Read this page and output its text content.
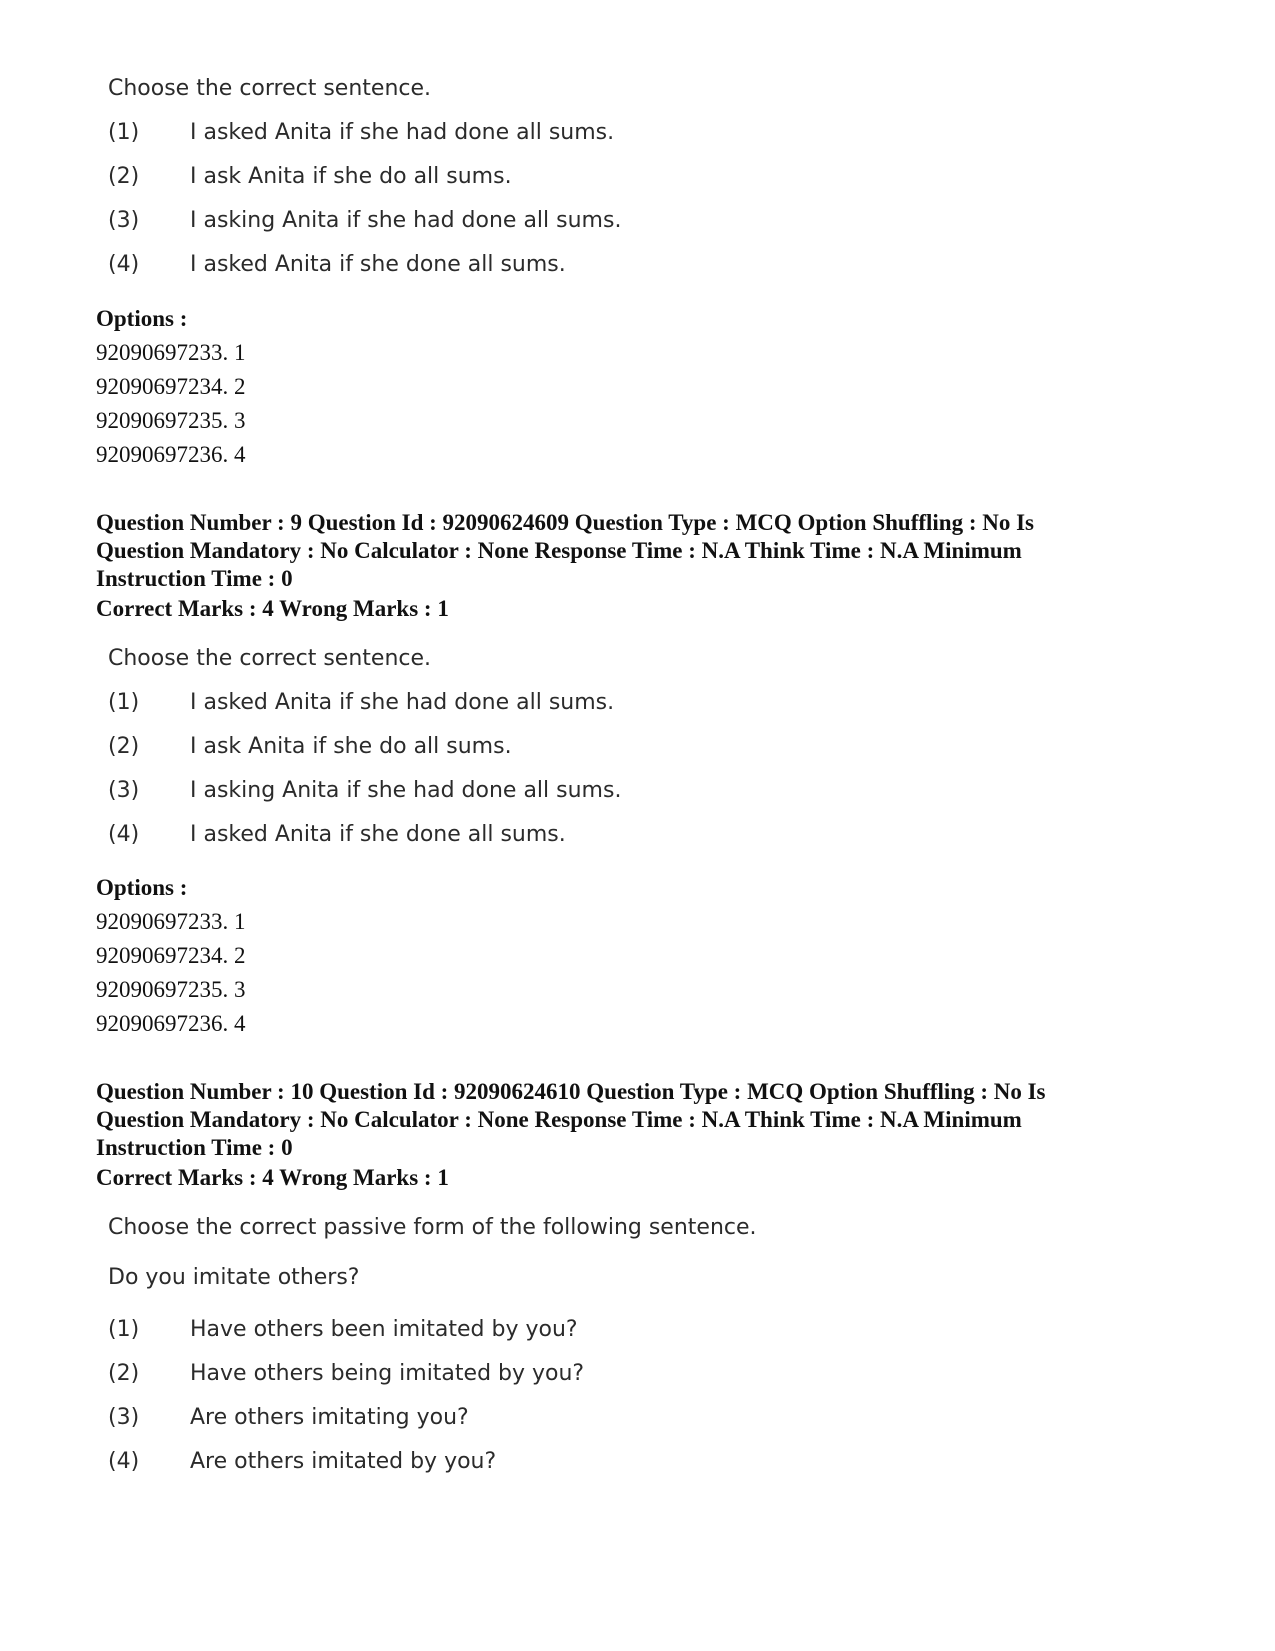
Choose the correct sentence.
(1)	I asked Anita if she had done all sums.
(2)	I ask Anita if she do all sums.
(3)	I asking Anita if she had done all sums.
(4)	I asked Anita if she done all sums.
Options :
92090697233. 1
92090697234. 2
92090697235. 3
92090697236. 4
Question Number : 9 Question Id : 92090624609 Question Type : MCQ Option Shuffling : No Is
Question Mandatory : No Calculator : None Response Time : N.A Think Time : N.A Minimum
Instruction Time : 0
Correct Marks : 4 Wrong Marks : 1
Choose the correct sentence.
(1)	I asked Anita if she had done all sums.
(2)	I ask Anita if she do all sums.
(3)	I asking Anita if she had done all sums.
(4)	I asked Anita if she done all sums.
Options :
92090697233. 1
92090697234. 2
92090697235. 3
92090697236. 4
Question Number : 10 Question Id : 92090624610 Question Type : MCQ Option Shuffling : No Is
Question Mandatory : No Calculator : None Response Time : N.A Think Time : N.A Minimum
Instruction Time : 0
Correct Marks : 4 Wrong Marks : 1
Choose the correct passive form of the following sentence.
Do you imitate others?
(1)	Have others been imitated by you?
(2)	Have others being imitated by you?
(3)	Are others imitating you?
(4)	Are others imitated by you?
